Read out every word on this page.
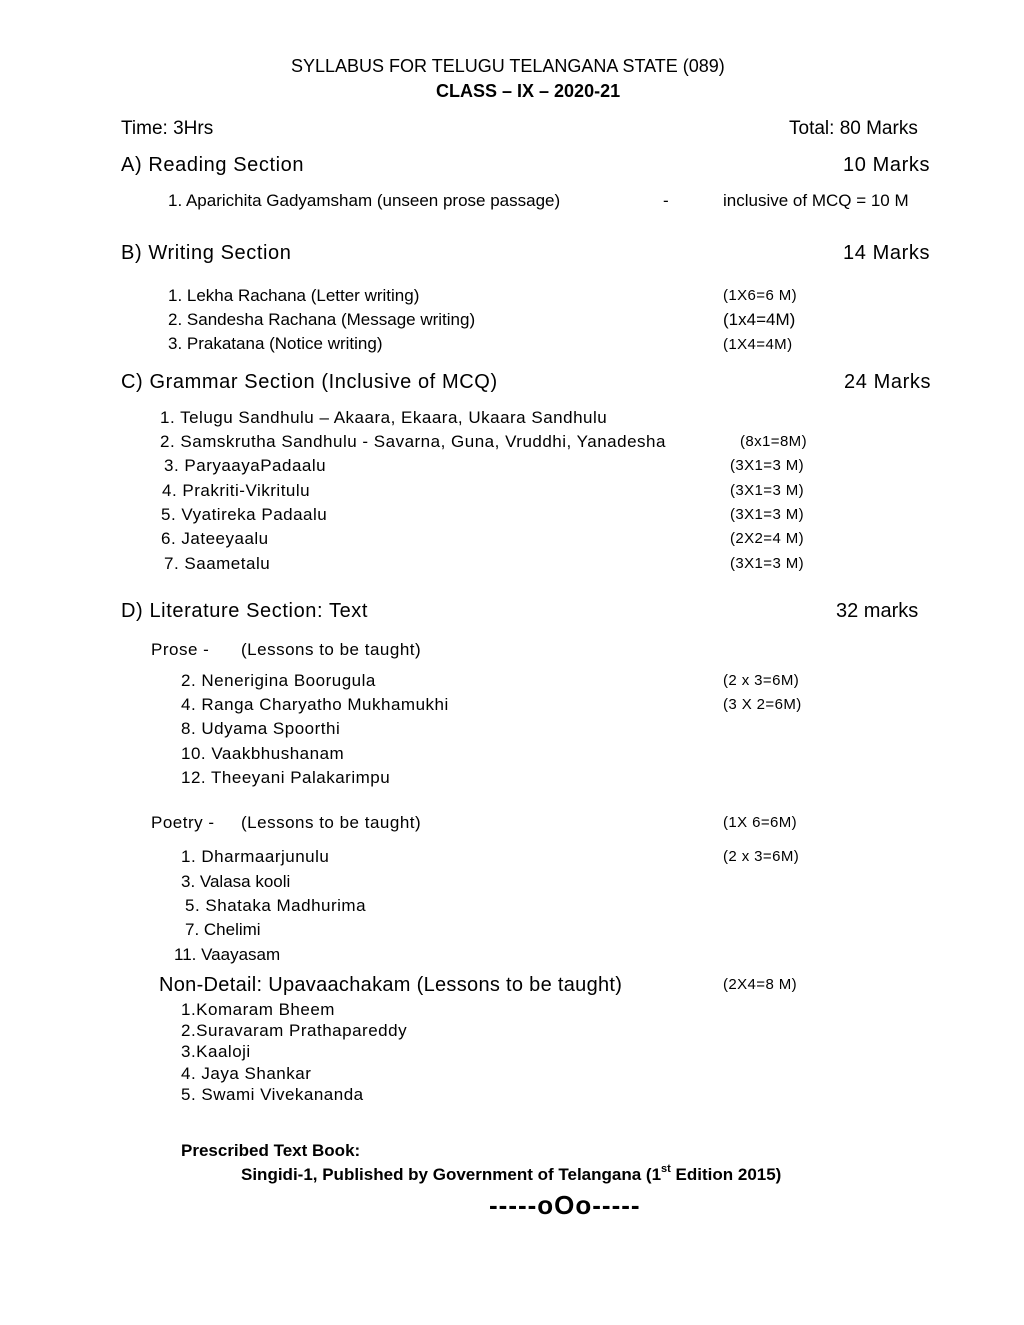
SYLLABUS FOR TELUGU TELANGANA STATE (089)
CLASS – IX – 2020-21
Time: 3Hrs	Total: 80 Marks
A) Reading Section	10 Marks
1. Aparichita Gadyamsham (unseen prose passage)	-	inclusive of MCQ = 10 M
B) Writing Section	14 Marks
1. Lekha Rachana (Letter writing)	(1X6=6 M)
2. Sandesha Rachana (Message writing)	(1x4=4M)
3. Prakatana (Notice writing)	(1X4=4M)
C) Grammar Section (Inclusive of MCQ)	24 Marks
1. Telugu Sandhulu – Akaara, Ekaara, Ukaara Sandhulu
2. Samskrutha Sandhulu - Savarna, Guna, Vruddhi, Yanadesha	(8x1=8M)
3. ParyaayaPadaalu	(3X1=3 M)
4. Prakriti-Vikritulu	(3X1=3 M)
5. Vyatireka Padaalu	(3X1=3 M)
6. Jateeyaalu	(2X2=4 M)
7. Saametalu	(3X1=3 M)
D) Literature Section: Text	32 marks
Prose - (Lessons to be taught)
2. Nenerigina Boorugula	(2 x 3=6M)
4. Ranga Charyatho Mukhamukhi	(3 X 2=6M)
8. Udyama Spoorthi
10. Vaakbhushanam
12. Theeyani Palakarimpu
Poetry - (Lessons to be taught)	(1X 6=6M)
1. Dharmaarjunulu	(2 x 3=6M)
3. Valasa kooli
5. Shataka Madhurima
7. Chelimi
11. Vaayasam
Non-Detail: Upavaachakam (Lessons to be taught)	(2X4=8 M)
1.Komaram Bheem
2.Suravaram Prathapareddy
3.Kaaloji
4. Jaya Shankar
5. Swami Vivekananda
Prescribed Text Book:
Singidi-1, Published by Government of Telangana (1st Edition 2015)
-----oOo-----
